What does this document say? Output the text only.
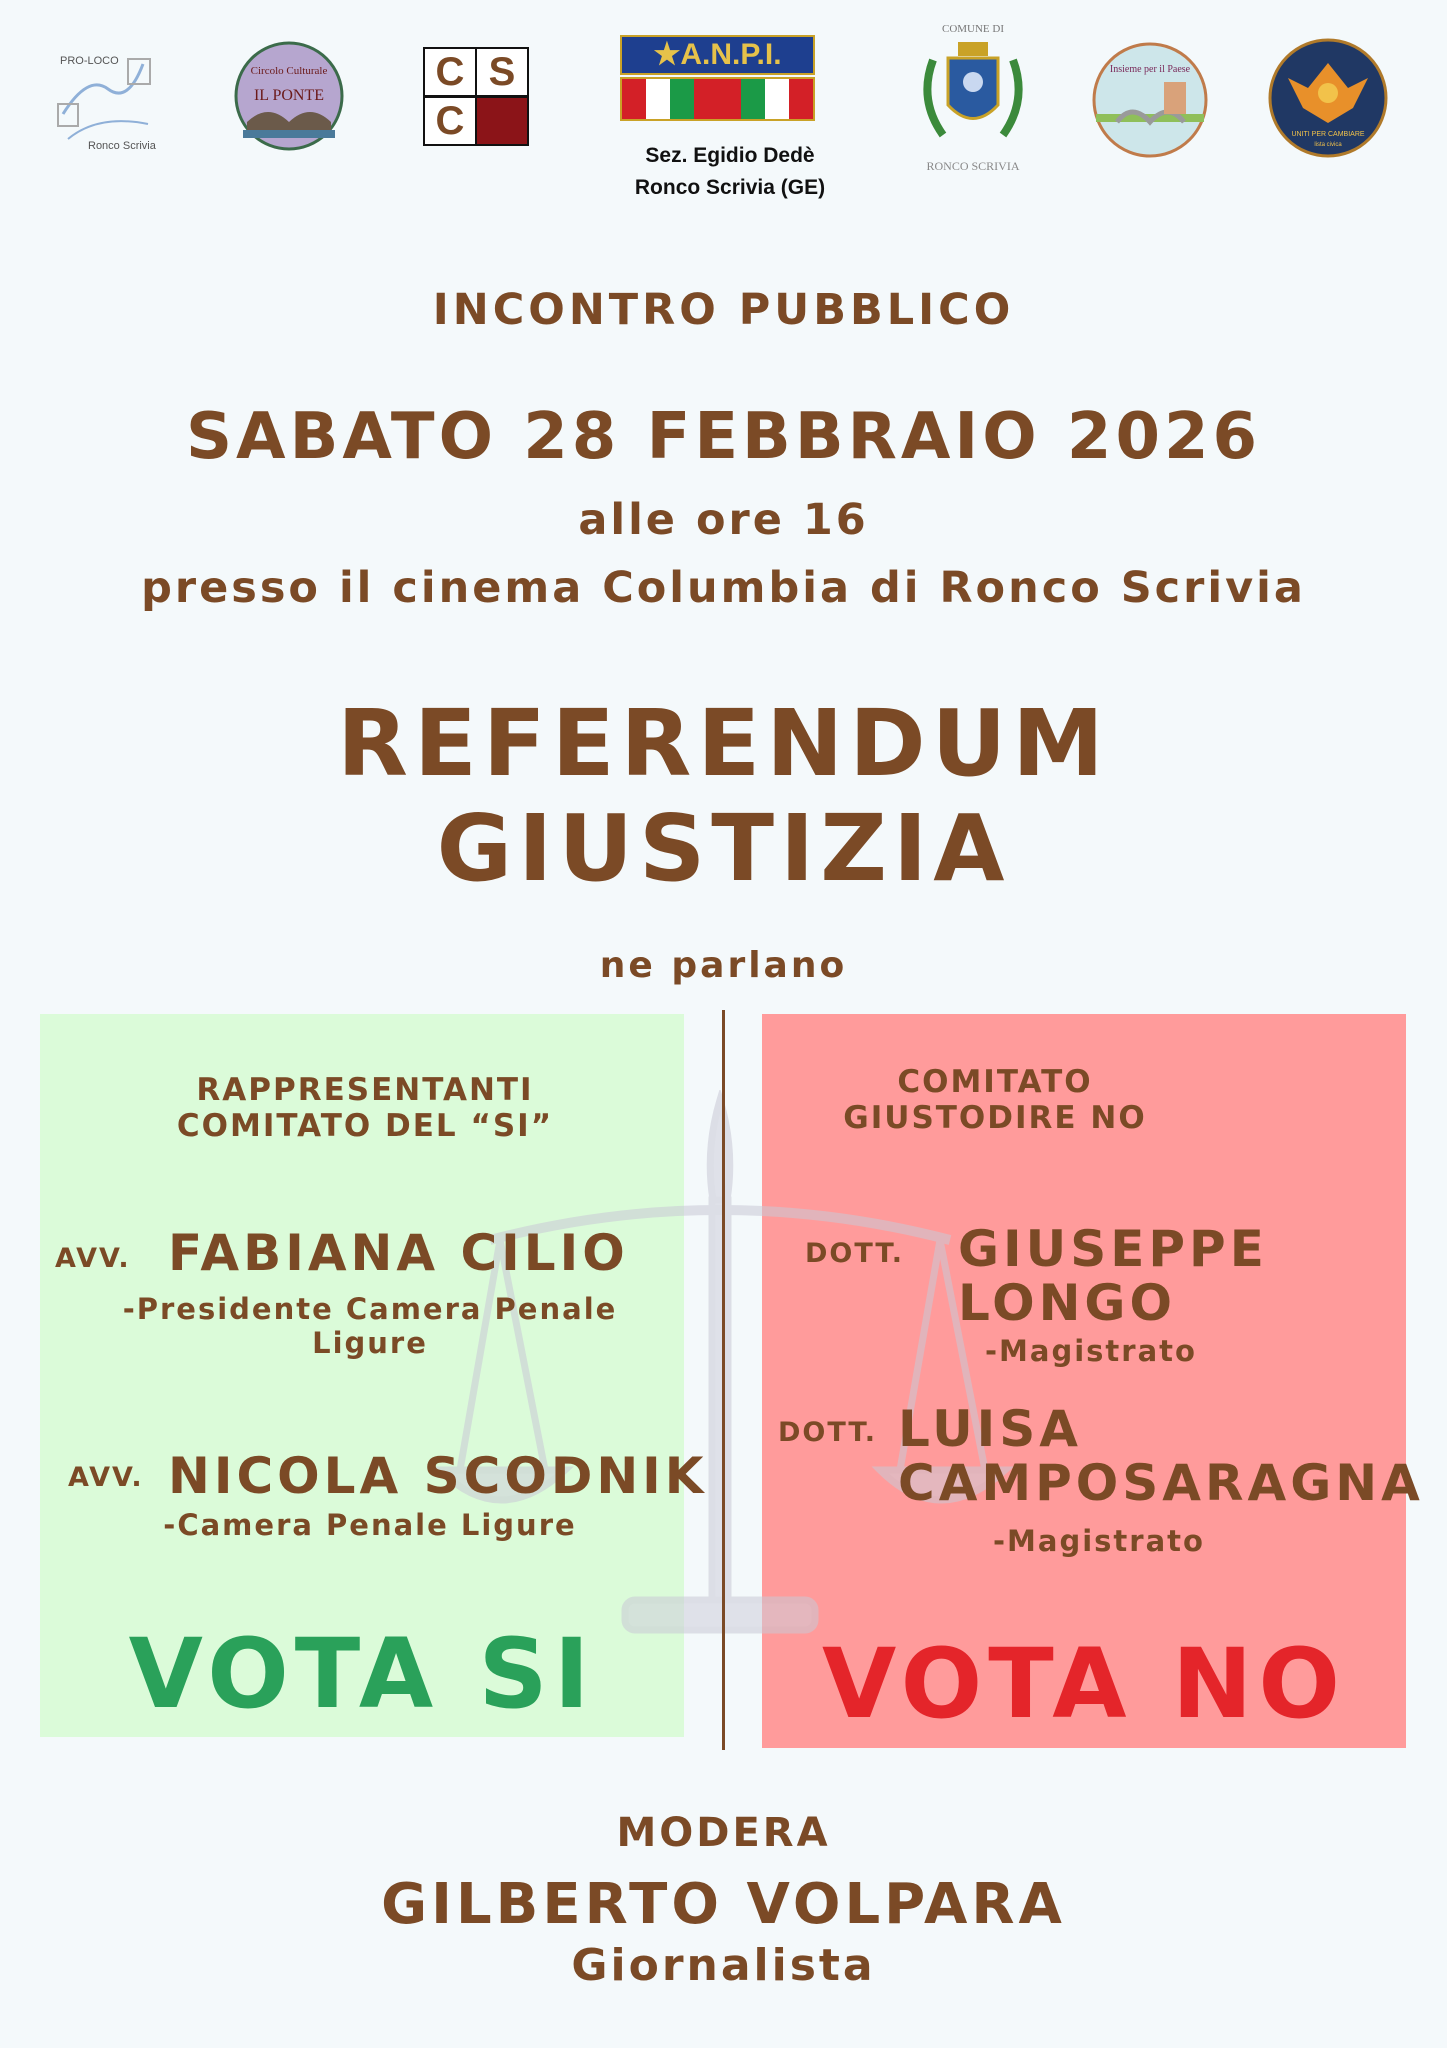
PRO-LOCO
Ronco Scrivia
Circolo Culturale
IL PONTE
C S
C
★A.N.P.I.
Sez. Egidio Dedè
Ronco Scrivia (GE)
COMUNE DI
RONCO SCRIVIA
Insieme per il Paese
UNITI PER CAMBIARE
lista civica
INCONTRO PUBBLICO
SABATO 28 FEBBRAIO 2026
alle ore 16
presso il cinema Columbia di Ronco Scrivia
REFERENDUM
GIUSTIZIA
ne parlano
RAPPRESENTANTI
COMITATO DEL “SI”
AVV. FABIANA CILIO
-Presidente Camera Penale
Ligure
AVV. NICOLA SCODNIK
-Camera Penale Ligure
VOTA SI
COMITATO
GIUSTODIRE NO
DOTT. GIUSEPPE
LONGO
-Magistrato
DOTT. LUISA
CAMPOSARAGNA
-Magistrato
VOTA NO
MODERA
GILBERTO VOLPARA
Giornalista
